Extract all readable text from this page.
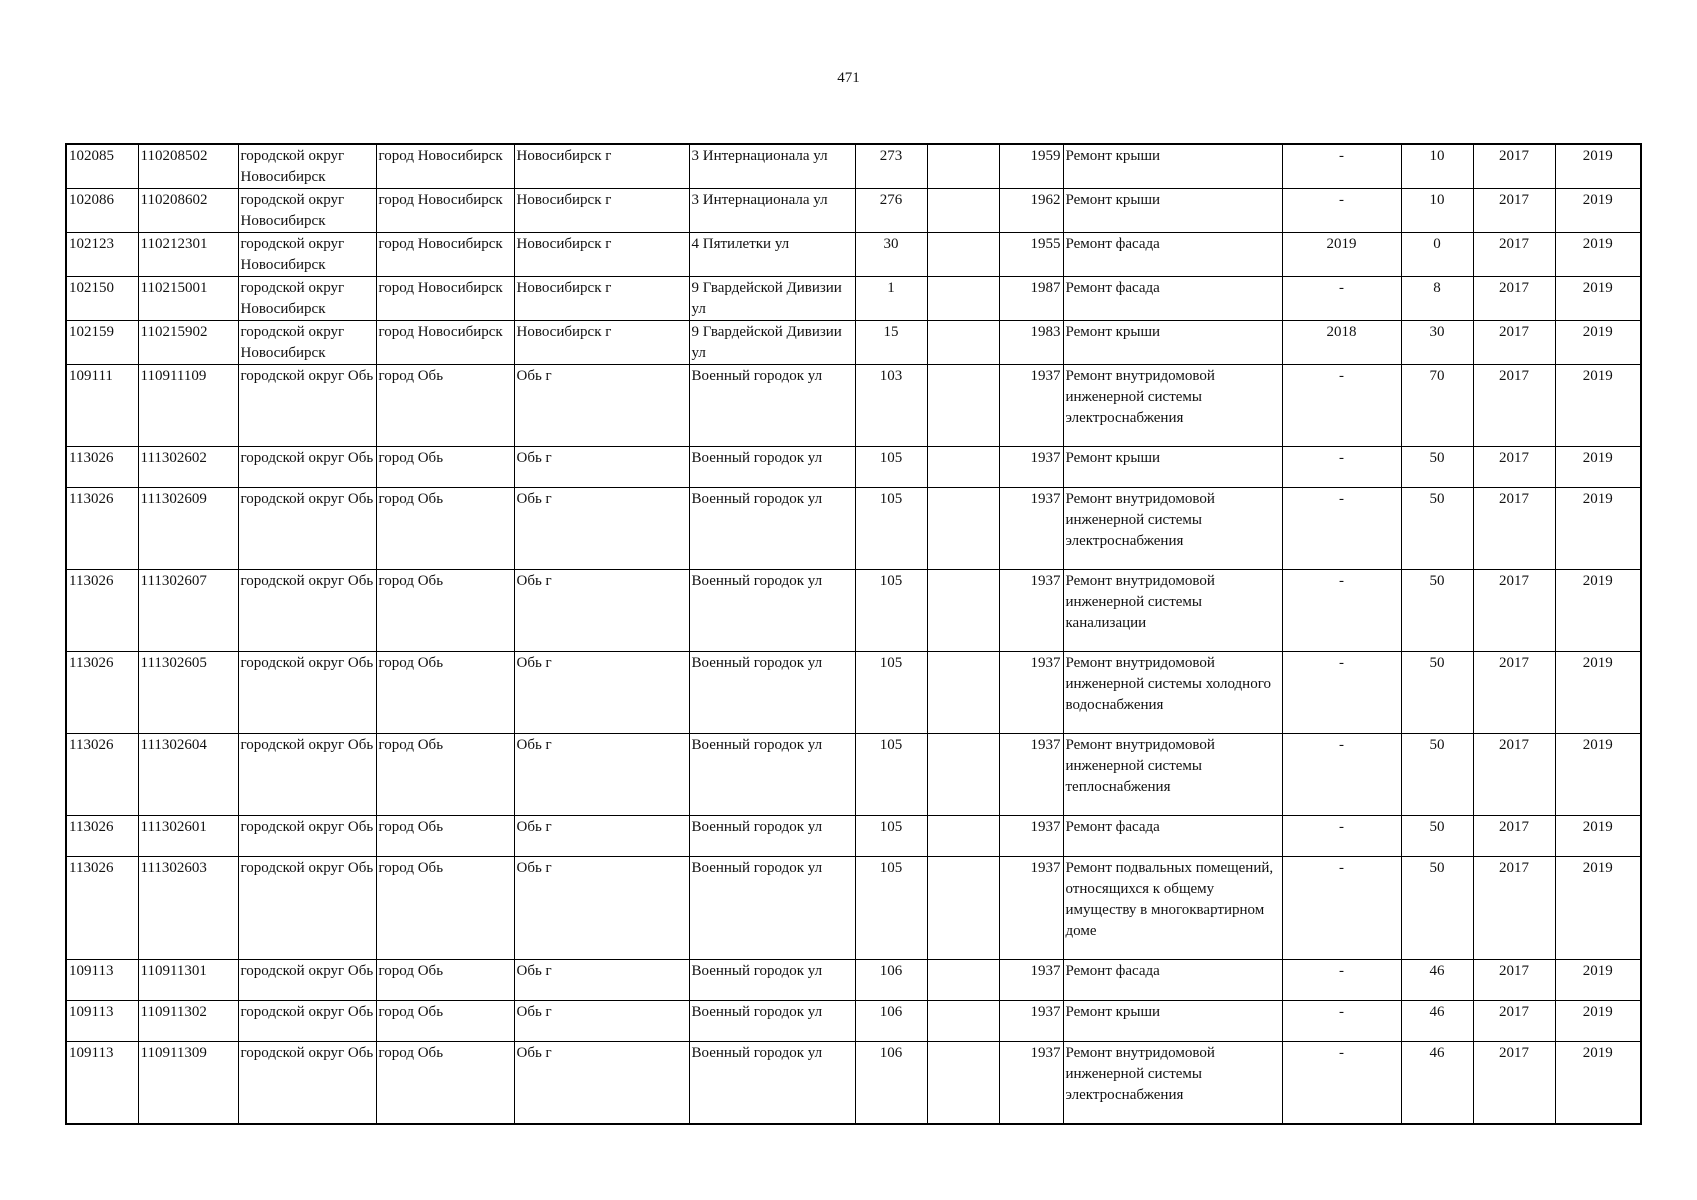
471
102085	110208502	городской округ Новосибирск	город Новосибирск	Новосибирск г	3 Интернационала ул	273		1959	Ремонт крыши	-	10	2017	2019
102086	110208602	городской округ Новосибирск	город Новосибирск	Новосибирск г	3 Интернационала ул	276		1962	Ремонт крыши	-	10	2017	2019
102123	110212301	городской округ Новосибирск	город Новосибирск	Новосибирск г	4 Пятилетки ул	30		1955	Ремонт фасада	2019	0	2017	2019
102150	110215001	городской округ Новосибирск	город Новосибирск	Новосибирск г	9 Гвардейской Дивизии ул	1		1987	Ремонт фасада	-	8	2017	2019
102159	110215902	городской округ Новосибирск	город Новосибирск	Новосибирск г	9 Гвардейской Дивизии ул	15		1983	Ремонт крыши	2018	30	2017	2019
109111	110911109	городской округ Обь	город Обь	Обь г	Военный городок ул	103		1937	Ремонт внутридомовой инженерной системы электроснабжения	-	70	2017	2019
113026	111302602	городской округ Обь	город Обь	Обь г	Военный городок ул	105		1937	Ремонт крыши	-	50	2017	2019
113026	111302609	городской округ Обь	город Обь	Обь г	Военный городок ул	105		1937	Ремонт внутридомовой инженерной системы электроснабжения	-	50	2017	2019
113026	111302607	городской округ Обь	город Обь	Обь г	Военный городок ул	105		1937	Ремонт внутридомовой инженерной системы канализации	-	50	2017	2019
113026	111302605	городской округ Обь	город Обь	Обь г	Военный городок ул	105		1937	Ремонт внутридомовой инженерной системы холодного водоснабжения	-	50	2017	2019
113026	111302604	городской округ Обь	город Обь	Обь г	Военный городок ул	105		1937	Ремонт внутридомовой инженерной системы теплоснабжения	-	50	2017	2019
113026	111302601	городской округ Обь	город Обь	Обь г	Военный городок ул	105		1937	Ремонт фасада	-	50	2017	2019
113026	111302603	городской округ Обь	город Обь	Обь г	Военный городок ул	105		1937	Ремонт подвальных помещений, относящихся к общему имуществу в многоквартирном доме	-	50	2017	2019
109113	110911301	городской округ Обь	город Обь	Обь г	Военный городок ул	106		1937	Ремонт фасада	-	46	2017	2019
109113	110911302	городской округ Обь	город Обь	Обь г	Военный городок ул	106		1937	Ремонт крыши	-	46	2017	2019
109113	110911309	городской округ Обь	город Обь	Обь г	Военный городок ул	106		1937	Ремонт внутридомовой инженерной системы электроснабжения	-	46	2017	2019
